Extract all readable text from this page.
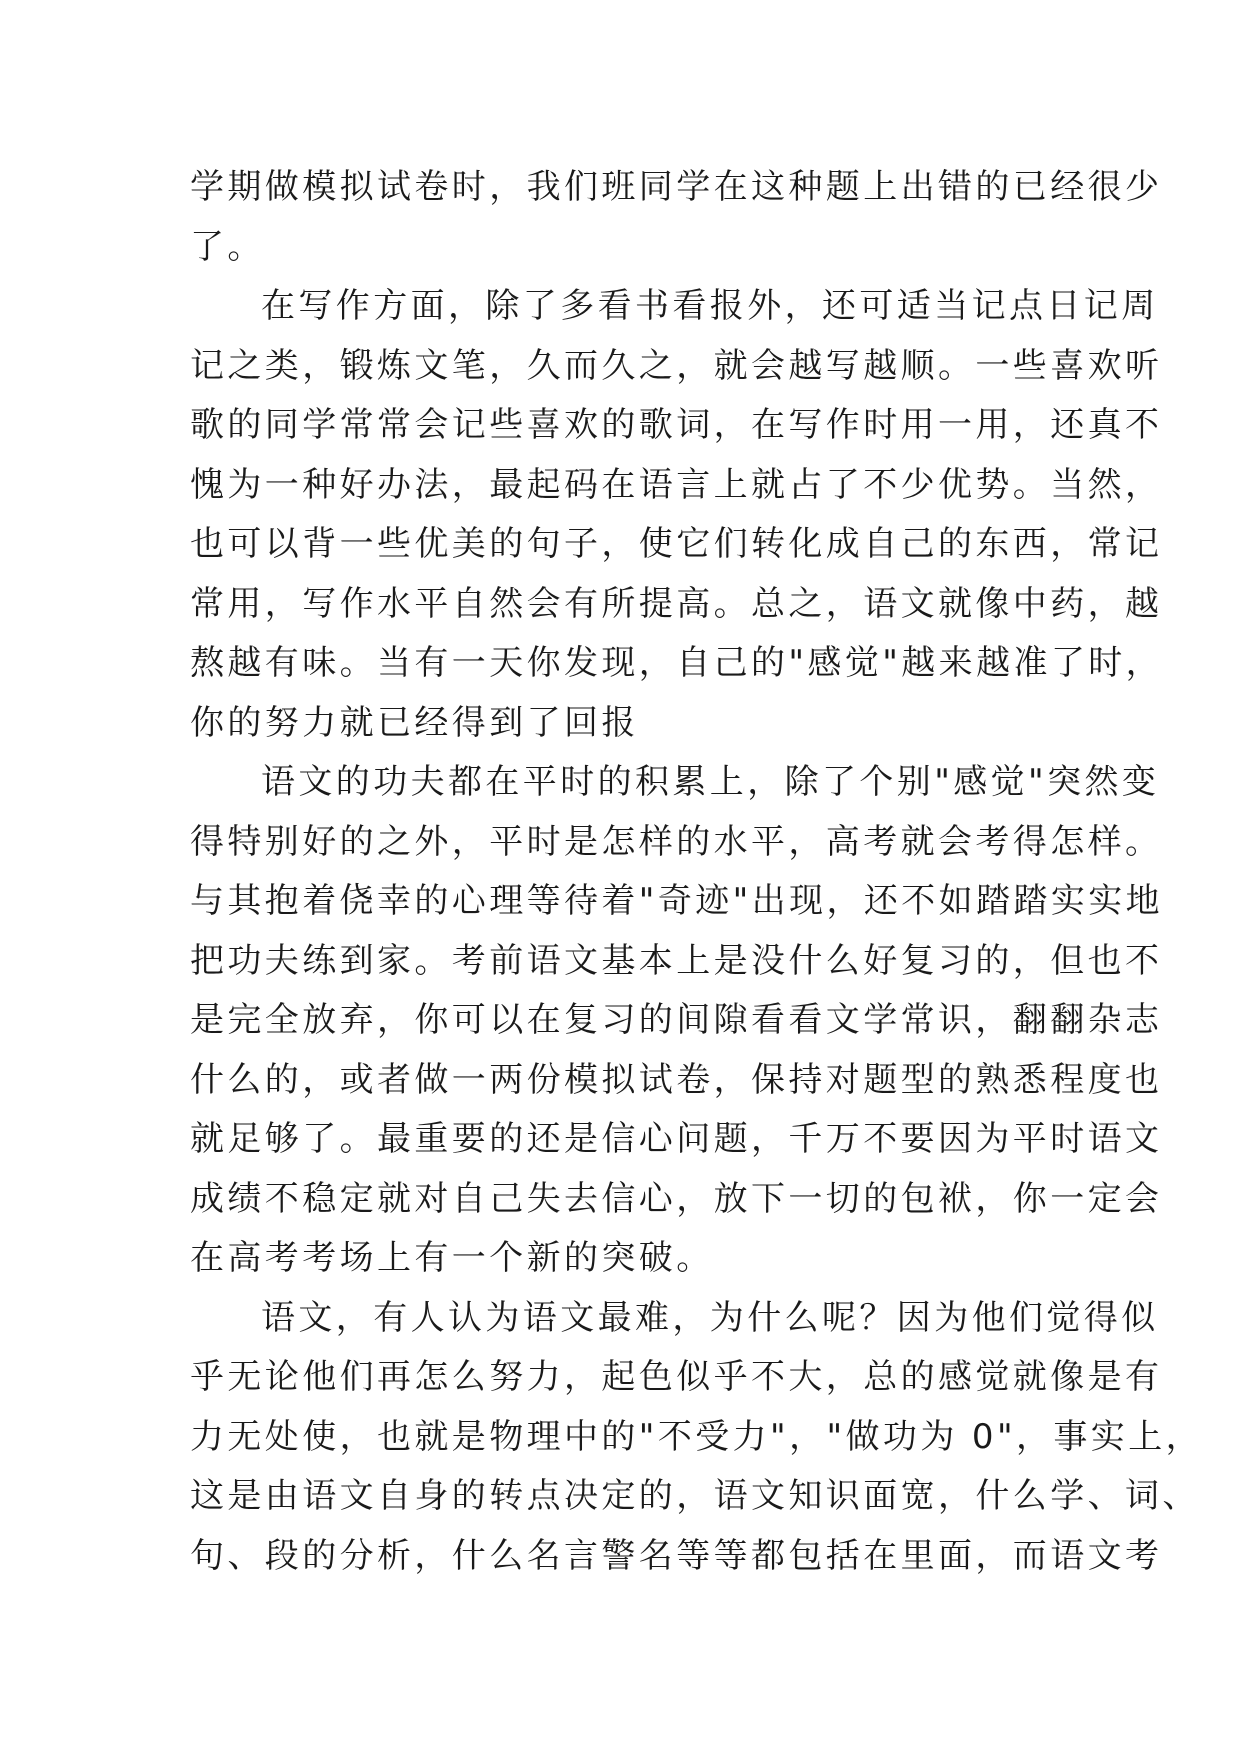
学期做模拟试卷时，我们班同学在这种题上出错的已经很少
了。
在写作方面，除了多看书看报外，还可适当记点日记周
记之类，锻炼文笔，久而久之，就会越写越顺。一些喜欢听
歌的同学常常会记些喜欢的歌词，在写作时用一用，还真不
愧为一种好办法，最起码在语言上就占了不少优势。当然，
也可以背一些优美的句子，使它们转化成自己的东西，常记
常用，写作水平自然会有所提高。总之，语文就像中药，越
熬越有味。当有一天你发现，自己的"感觉"越来越准了时，
你的努力就已经得到了回报
语文的功夫都在平时的积累上，除了个别"感觉"突然变
得特别好的之外，平时是怎样的水平，高考就会考得怎样。
与其抱着侥幸的心理等待着"奇迹"出现，还不如踏踏实实地
把功夫练到家。考前语文基本上是没什么好复习的，但也不
是完全放弃，你可以在复习的间隙看看文学常识，翻翻杂志
什么的，或者做一两份模拟试卷，保持对题型的熟悉程度也
就足够了。最重要的还是信心问题，千万不要因为平时语文
成绩不稳定就对自己失去信心，放下一切的包袱，你一定会
在高考考场上有一个新的突破。
语文，有人认为语文最难，为什么呢？因为他们觉得似
乎无论他们再怎么努力，起色似乎不大，总的感觉就像是有
力无处使，也就是物理中的"不受力"，"做功为 0"，事实上，
这是由语文自身的转点决定的，语文知识面宽，什么学、词、
句、段的分析，什么名言警名等等都包括在里面，而语文考
